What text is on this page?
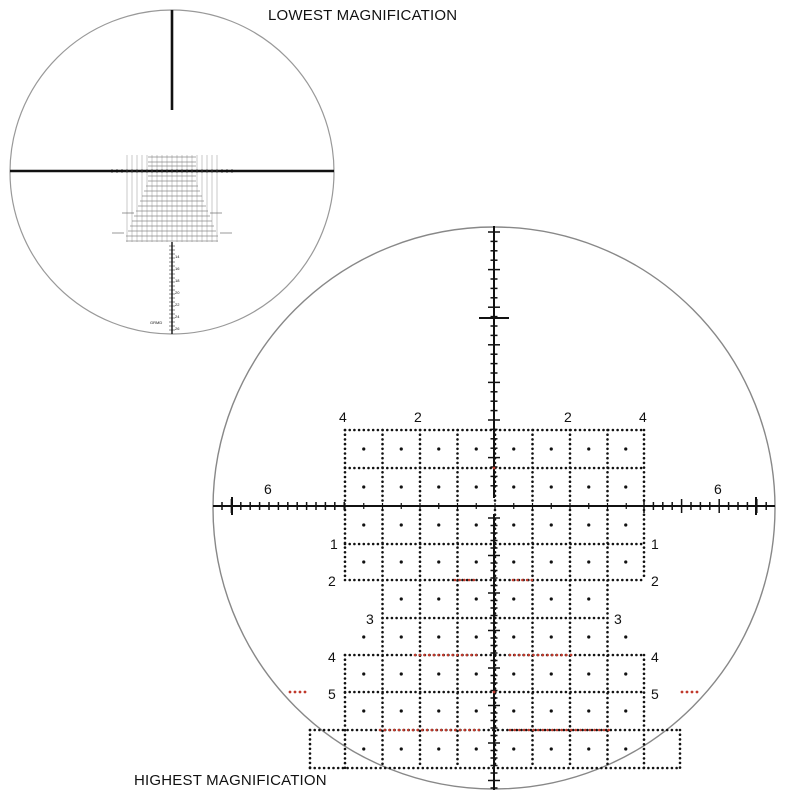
LOWEST MAGNIFICATION
HIGHEST MAGNIFICATION
14
16
18
20
22
24
26
GRMD
6	6
4	2	2	4
1
2
3
4
5
1
2
3
4
5
